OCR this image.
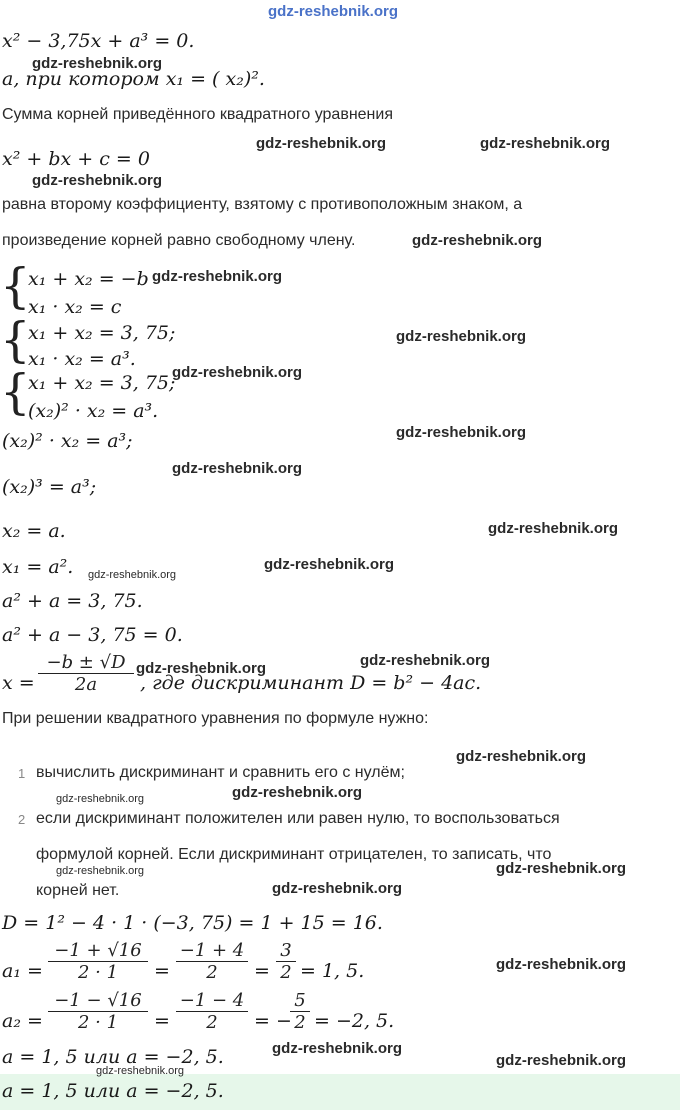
gdz-reshebnik.org
gdz-reshebnik.org
gdz-reshebnik.org	gdz-reshebnik.org
gdz-reshebnik.org
gdz-reshebnik.org
gdz-reshebnik.org
gdz-reshebnik.org
gdz-reshebnik.org
gdz-reshebnik.org
gdz-reshebnik.org
gdz-reshebnik.org
gdz-reshebnik.org
gdz-reshebnik.org
gdz-reshebnik.org	gdz-reshebnik.org
gdz-reshebnik.org
gdz-reshebnik.org
gdz-reshebnik.org
gdz-reshebnik.org
gdz-reshebnik.org
gdz-reshebnik.org
gdz-reshebnik.org
gdz-reshebnik.org
gdz-reshebnik.org
gdz-reshebnik.org
x² − 3,75x + a³ = 0.
a, при котором x₁ = ( x₂)².
Сумма корней приведённого квадратного уравнения
x² + bx + c = 0
равна второму коэффициенту, взятому с противоположным знаком, а
произведение корней равно свободному члену.
{
x₁ + x₂ = −b
x₁ · x₂ = c
{
x₁ + x₂ = 3, 75;
x₁ · x₂ = a³.
{
x₁ + x₂ = 3, 75;
(x₂)² · x₂ = a³.
(x₂)² · x₂ = a³;
(x₂)³ = a³;
x₂ = a.
x₁ = a².
a² + a = 3, 75.
a² + a − 3, 75 = 0.
x =
−b ± √D
2a	, где дискриминант D = b² − 4ac.
При решении квадратного уравнения по формуле нужно:
1 вычислить дискриминант и сравнить его с нулём;
2 если дискриминант положителен или равен нулю, то воспользоваться
формулой корней. Если дискриминант отрицателен, то записать, что
корней нет.
D = 1² − 4 · 1 · (−3, 75) = 1 + 15 = 16.
a₁ =
−1 + √16
2 · 1	=
−1 + 4
2	=
3
2 = 1, 5.
a₂ =
−1 − √16
2 · 1	=
−1 − 4
2	= −
5
2 = −2, 5.
a = 1, 5 или a = −2, 5.
a = 1, 5 или a = −2, 5.
